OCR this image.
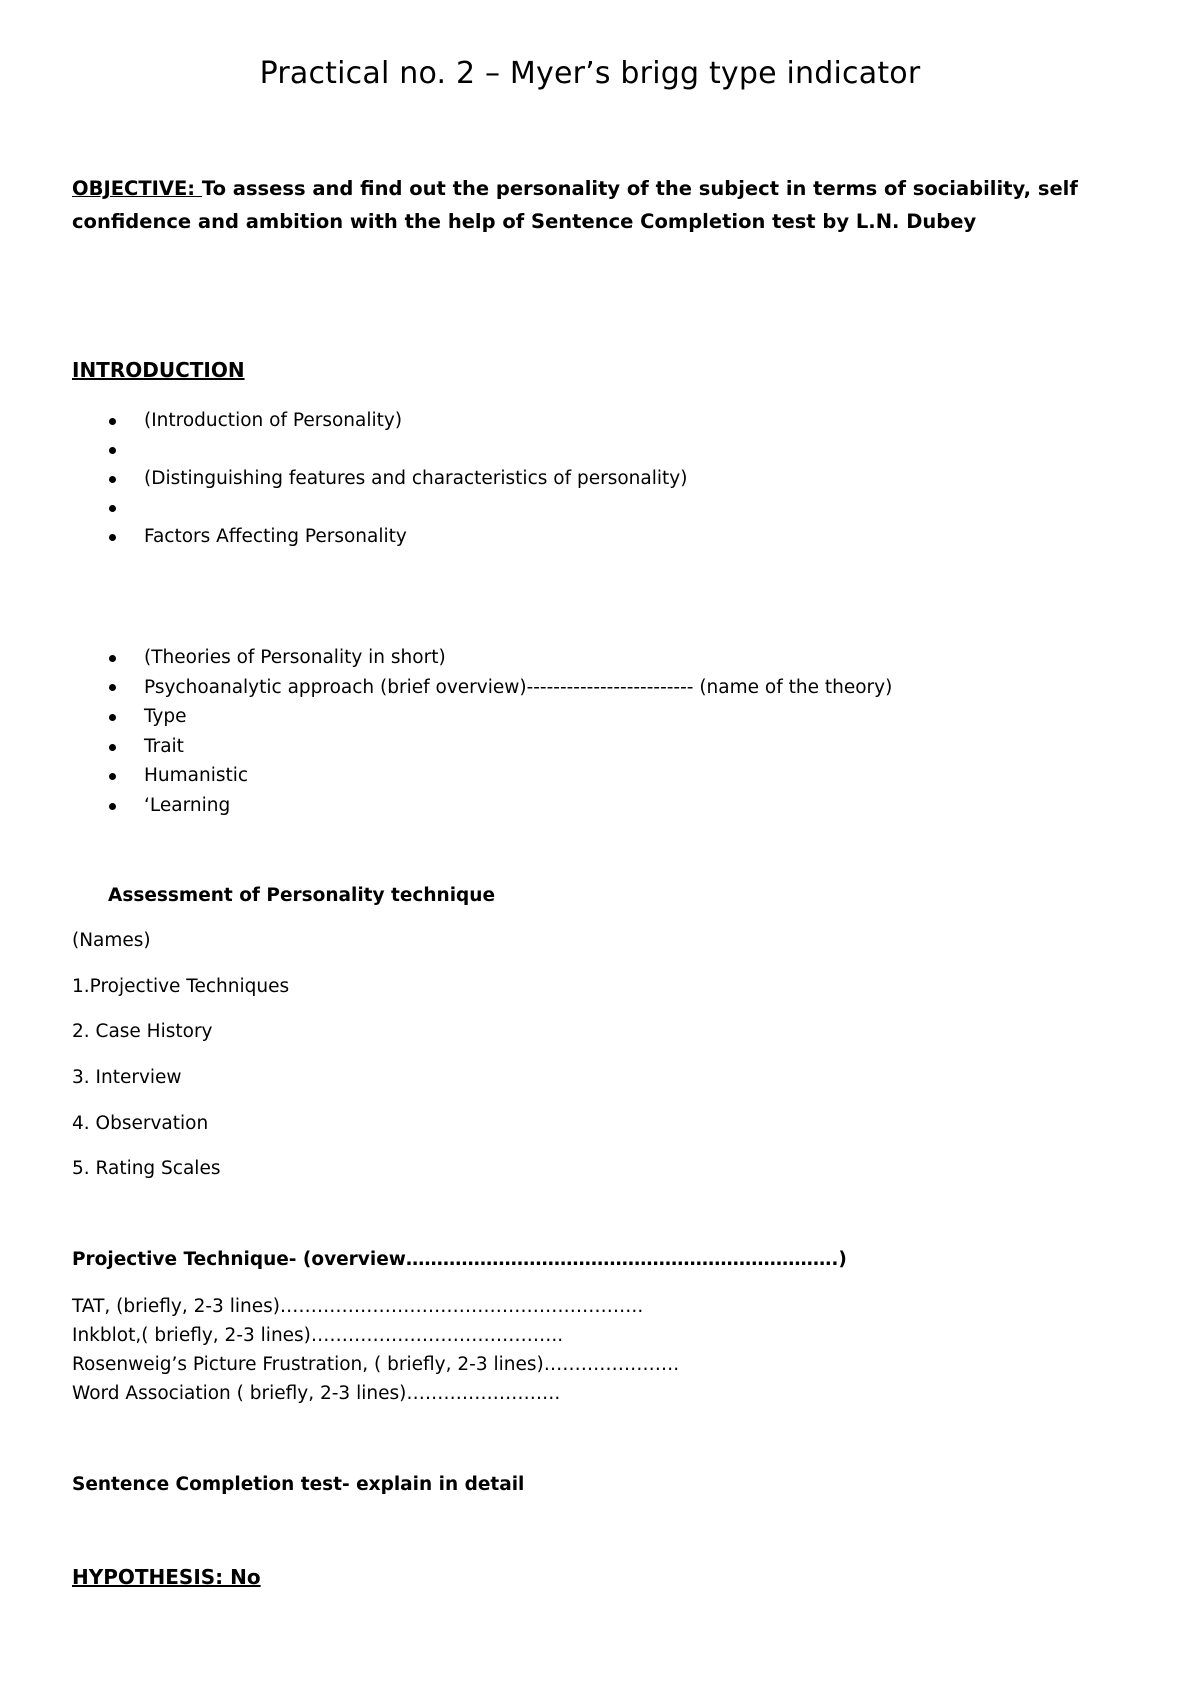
Practical no. 2 – Myer’s brigg type indicator
OBJECTIVE: To assess and find out the personality of the subject in terms of sociability, self confidence and ambition with the help of Sentence Completion test by L.N. Dubey
INTRODUCTION
(Introduction of Personality)
(Distinguishing features and characteristics of personality)
Factors Affecting Personality
(Theories of Personality in short)
Psychoanalytic approach (brief overview)------------------------- (name of the theory)
Type
Trait
Humanistic
‘Learning
Assessment of Personality technique
(Names)
1.Projective Techniques
2. Case History
3. Interview
4. Observation
5. Rating Scales
Projective Technique- (overview…………………………………………………………….)
TAT, (briefly, 2-3 lines)…………………………………………………..
Inkblot,( briefly, 2-3 lines)…………………………………..
Rosenweig’s Picture Frustration, ( briefly, 2-3 lines)………………….
Word Association ( briefly, 2-3 lines)…………………….
Sentence Completion test- explain in detail
HYPOTHESIS: No
